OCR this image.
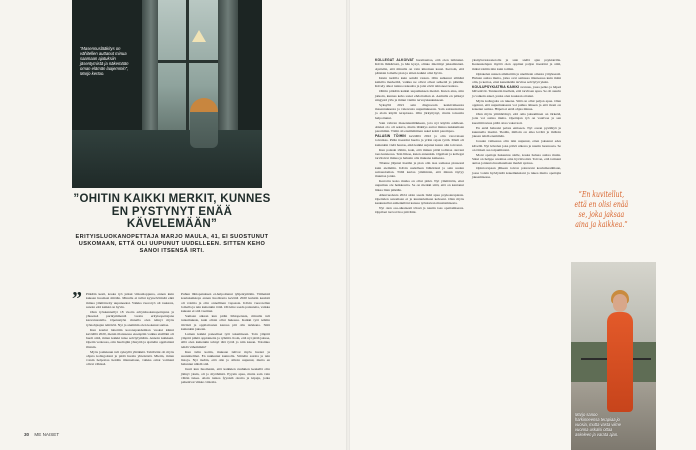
”Masennuslääkitys on vähitellen auttanut minua saamaan ajatuksiin jäsentymistä ja näkemään oman elämän laajemmin”, Marjo kertoo.
”OHITIN KAIKKI MERKIT, KUNNES EN PYSTYNYT ENÄÄ KÄVELEMÄÄN”
ERITYISLUOKANOPETTAJA MARJO MAULA, 41, EI SUOSTUNUT USKOMAAN, ETTÄ OLI UUPUNUT UUDELLEEN. SITTEN KEHO SANOI ITSENSÄ IRTI.
” Pitkään kesti, koska työ jatkui viikonloppuna, ennen kuin kukaan huomasi mitään. Minulle ei tullut kyynelvärinää eikä minua ymmärretty uupuneeksi. Vaikka vuorotyö oli raskasta, sanoin että kaikki on hyvin.

Olen työskennellyt 18 vuotta erityisluokanopettajana ja yhteensä parikymmentä vuotta erityisopettajana kasvatusalalla. Opetustyön rinnalla olen tehnyt myös työnohjaajan tehtäviä. Nyt ja aiemmin olen kokenut samaa.

Kun koulut laitettiin koronapandemian vuoksi kiinni keväällä 2020, menin tilanteessa eteenpäin vaikka sisälläni oli huoli siitä, miten kaikki tulee selviytymään. Annoin kaikkeni. Opetin verkossa, otin huoltajiin yhteyttä ja ajattelin oppilaitani iltaisin.

Myös joulukuun tuli syksyllä yhtäkkiä. Tehtäväni oli myös ohjata kollegoitani ja pitää huolta yhteisöstä. Mietin, miten voisin helpottaa heidän tilannettaan, vaikka omat voimani olivat vähissä.

Puhun lähiopetuksen ei-helpottunut tyhjentymään. Viimeisiä koulukeikkoja ennen huolitonta kevättä 2020 kulutin kesästä oli voimia ja olin onnellinen vapaasta. Kävin vuorotellen lomalla ja tein kuitenkin töitä. Oli kiire saada palautetta, vaikka kukaan ei sitä vaatinut.

Samaan aikaan kun pidin lähiopetusta, minulle tuli tuntemuksia, kuin olisin ollut hukassa. Kaikki työt tehtiin tiiviisti ja oppilaitosten kanssa piti olla tarkkana. Siitä kuitenkin jaksoin.

Luinen kaikki paneeliset työt tekemiseen. Toin ympäri ympäri pitkiä oppiaineita ja ryhmiä. Koin, että nyt pitää jaksaa, sillä olen kuitenkin tehnyt tätä työtä jo niin kauan. Voisinko tehdä vähemmän?

Kun tulin kotiin, mukaan tulivat myös huolet ja suunnitelmat. En nukkunut kunnolla. Siirtelin asioita ja tein listoja. Nyt tiedän, että olin jo silloin uupunut, mutta en halunnut nähdä sitä.

Juuri kun huomasin, että kaikkien ruuhkien keskellä olin jäänyt yksin, oli jo myöhäistä. Pyysin apua, mutta sain vain vähän tukea. Aloin tuntea fyysisiä oireita ja kipuja, jotka pahenivat viikko viikolta.

KOLLEGAT ALKOIVAT huomauttaa, että olen laihtunut. Kävin lääkärissä, ja hän kysyi, olinko miettinyt jaksamistani. Ajattelin, että minulla on vain kiireinen kausi. Kerroin, että pääsisin lomalle pian ja sitten kaikki olisi hyvin.

Istuin tuolilla kuin seinää vasten. Olin sulkenut silmäni kaikilta merkeiltä, vaikka ne olivat olleet selkeitä jo pitkään. Kävely alkoi tuntua raskaalta ja jalat eivät tahtoneet kantaa.

Ohitin pitkään kaikki uupumuksen merkit. Kuten aina, niin jatkoin, kunnes keho sanoi ehdottoman ei. Aamulla en päässyt sängystä ylös ja minut vietiin terveyskeskukseen.

Syksyllä 2021 sain diagnoosin keskivaikeasta masennuksesta ja vakavasta uupumuksesta. Sain sairauslomaa ja aloin käydä terapiassa. Olin järkyttynyt, mutta toisaalta helpottunut.

Sain vahvan masennuslääkkeen, jota nyt käytän edelleen. Aluksi olo oli sekava, mutta lääkitys auttoi minua nukkumaan paremmin. Tämä oli ensimmäinen askel kohti parempaa.

PALASIN TÖIHIN keväällä 2022 ja olin varovaisen toiveikas. Pidin itsestäni huolta ja yritin rajata työtä. Mieli oli kuitenkin vielä hauras, eikä kaikki sujunut kuten olin toivonut.

Kun palasin töihin, koin, että minun pitää todistaa olevani taas kunnossa. Tein liikaa, kuten ennenkin. Oppilaat ja kollegat tarvitsivat minua ja halusin olla mukana kaikessa.

Tilanne jäljensi itseään ja pian olin taas samassa pisteessä kuin aiemmin. Kävin uudelleen lääkärissä ja sain uuden sairausloman. Tällä kertaa ymmärsin, että minun täytyy muuttaa jotain.

Kerrottu koko matka on ollut pitkä. Nyt ymmärrän, ettei uupumus ole heikkoutta. Se on merkki siitä, että on kantanut liikaa liian pitkään.

Alkuvuodesta 2024 aloin saada lisää apua psykoterapiasta. Opettelen sanomaan ei ja kuuntelemaan kehoani. Olen myös keskustellut esihenkilöni kanssa työnkuvan muuttamisesta.

Nyt olen osa-aikaisesti töissä ja nautin taas opettamisesta. Oppilaat tuovat iloa päivääni.

yksityisvastaanotolle ja sain siellä ajan psykiatrille. Keskustelujen myötä olen oppinut paljon itsestäni ja siitä, miksi toimin niin kuin toimin.

Opiskelen uuteen ammattiin ja unelmoin omasta yrityksestä. Haluan auttaa muita, jotka ovat samassa tilanteessa kuin minä olin, ja kertoa, ettei kenenkään tarvitse selviytyä yksin.

KOULUPSYKIATRIA KAIKKI avaruus, jossa pelko ja häpeä hälvenivät. Tunnustin itselleni, että tarvitsen apua. Se oli suurin ja vaikein askel, jonka olen koskaan ottanut.

Myös kollegoita on tukena. Siitä on ollut paljon apua. Olen oppinut, että uupumuksesta voi puhua ääneen ja että moni on kokenut samaa. Häpeä ei enää ohjaa minua.

Olen myös ymmärtänyt, että oma jaksaminen on tärkeää, jotta voi auttaa muita. Opettajan työ on vaativaa ja sen kuormittavuus pitää ottaa vakavasti.

En enää haluaisi palata entiseen. Nyt osaan pysähtyä ja kuunnella itseäni. Tiedän, milloin on aika levätä ja milloin jaksan tehdä enemmän.

Jossain vaiheessa olin niin uupunut, etten jaksanut edes kävellä. Nyt kävelen joka päivä ulkona ja nautin luonnosta. Se on tärkeä osa toipumistani.

Moni opettaja hakeutuu alalle, koska haluaa auttaa muita. Siksi on helppo unohtaa oma hyvinvointi. Toivon, että tarinani auttaa jotakuta huomaamaan merkit ajoissa.

Opintovapaan jälkeen toivon palaavani koulumaailmaan, jossa voisin hyödyntää kokemuksiani ja tukea muita opettajia jaksamisessa.

”En kuvitellut, että en olisi enää se, joka jaksaa aina ja kaikkea.”
Marjo sanoo harkinneensa terapiaa jo vuosia, mutta vasta viime vuonna uskalsi ottaa askeleen ja varata ajan.
30 ME NAISET
